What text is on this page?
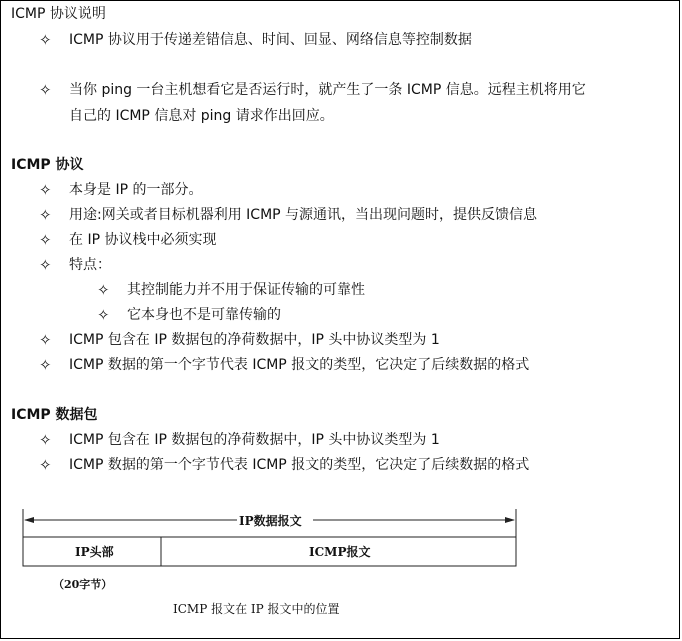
ICMP 协议说明
✧ ICMP 协议用于传递差错信息、时间、回显、网络信息等控制数据
✧ 当你 ping 一台主机想看它是否运行时，就产生了一条 ICMP 信息。远程主机将用它
自己的 ICMP 信息对 ping 请求作出回应。
ICMP 协议
✧ 本身是 IP 的一部分。
✧ 用途:网关或者目标机器利用 ICMP 与源通讯，当出现问题时，提供反馈信息
✧ 在 IP 协议栈中必须实现
✧ 特点：
✧ 其控制能力并不用于保证传输的可靠性
✧ 它本身也不是可靠传输的
✧ ICMP 包含在 IP 数据包的净荷数据中，IP 头中协议类型为 1
✧ ICMP 数据的第一个字节代表 ICMP 报文的类型，它决定了后续数据的格式
ICMP 数据包
✧ ICMP 包含在 IP 数据包的净荷数据中，IP 头中协议类型为 1
✧ ICMP 数据的第一个字节代表 ICMP 报文的类型，它决定了后续数据的格式
IP数据报文
IP头部	ICMP报文
（20字节）
ICMP 报文在 IP 报文中的位置
